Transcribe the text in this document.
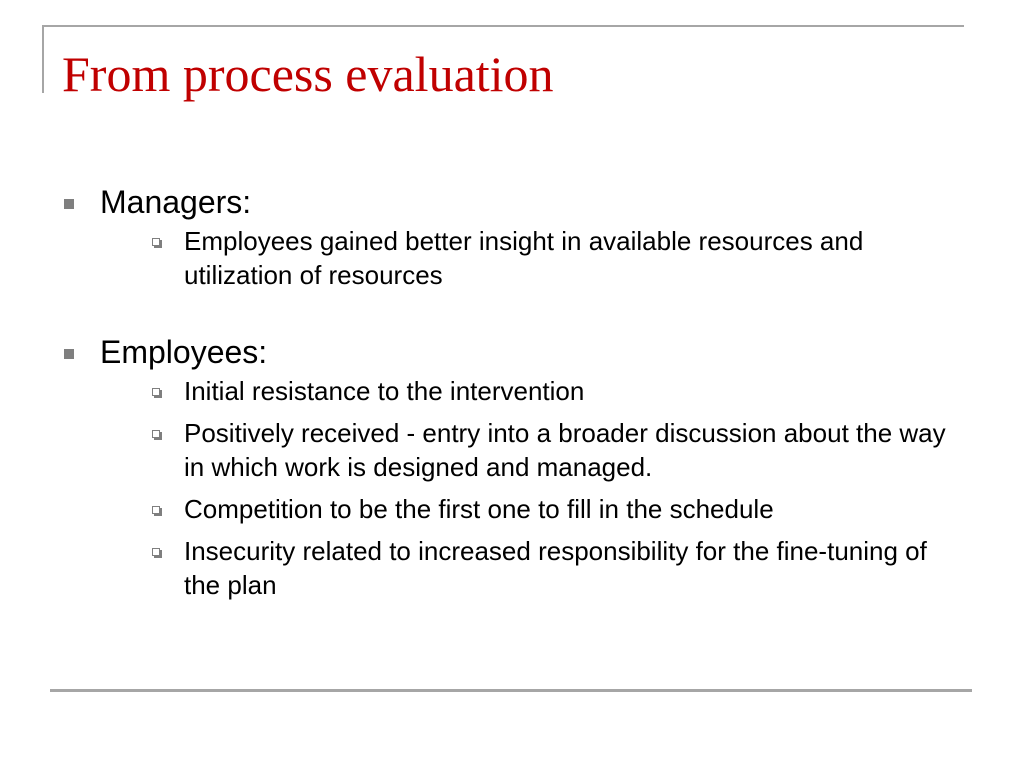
From process evaluation
Managers:
Employees gained better insight in available resources and utilization of resources
Employees:
Initial resistance to the intervention
Positively received - entry into a broader discussion about the way in which work is designed and managed.
Competition to be the first one to fill in the schedule
Insecurity related to increased responsibility for the fine-tuning of the plan
